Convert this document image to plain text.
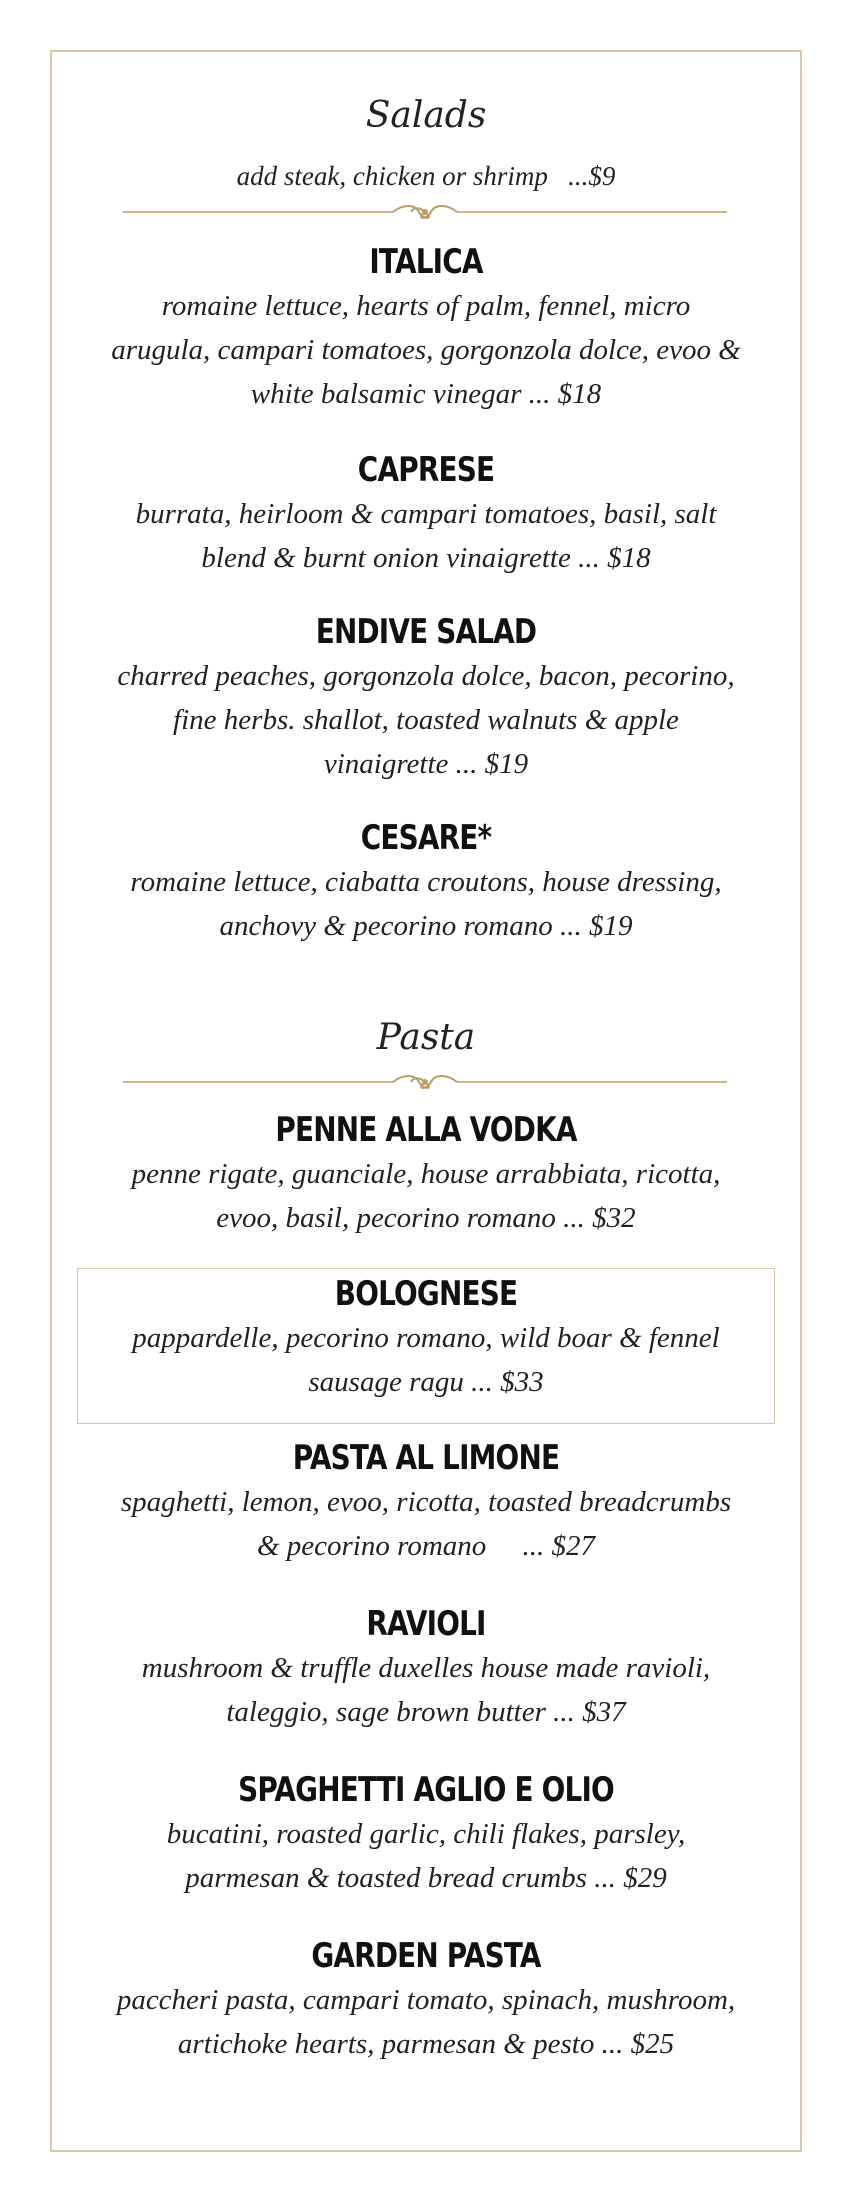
Salads
add steak, chicken or shrimp   ...$9
ITALICA
romaine lettuce, hearts of palm, fennel, micro
arugula, campari tomatoes, gorgonzola dolce, evoo &
white balsamic vinegar ... $18
CAPRESE
burrata, heirloom & campari tomatoes, basil, salt
blend & burnt onion vinaigrette ... $18
ENDIVE SALAD
charred peaches, gorgonzola dolce, bacon, pecorino,
fine herbs. shallot, toasted walnuts & apple
vinaigrette ... $19
CESARE*
romaine lettuce, ciabatta croutons, house dressing,
anchovy & pecorino romano ... $19
Pasta
PENNE ALLA VODKA
penne rigate, guanciale, house arrabbiata, ricotta,
evoo, basil, pecorino romano ... $32
BOLOGNESE
pappardelle, pecorino romano, wild boar & fennel
sausage ragu ... $33
PASTA AL LIMONE
spaghetti, lemon, evoo, ricotta, toasted breadcrumbs
& pecorino romano     ... $27
RAVIOLI
mushroom & truffle duxelles house made ravioli,
taleggio, sage brown butter ... $37
SPAGHETTI AGLIO E OLIO
bucatini, roasted garlic, chili flakes, parsley,
parmesan & toasted bread crumbs ... $29
GARDEN PASTA
paccheri pasta, campari tomato, spinach, mushroom,
artichoke hearts, parmesan & pesto ... $25
